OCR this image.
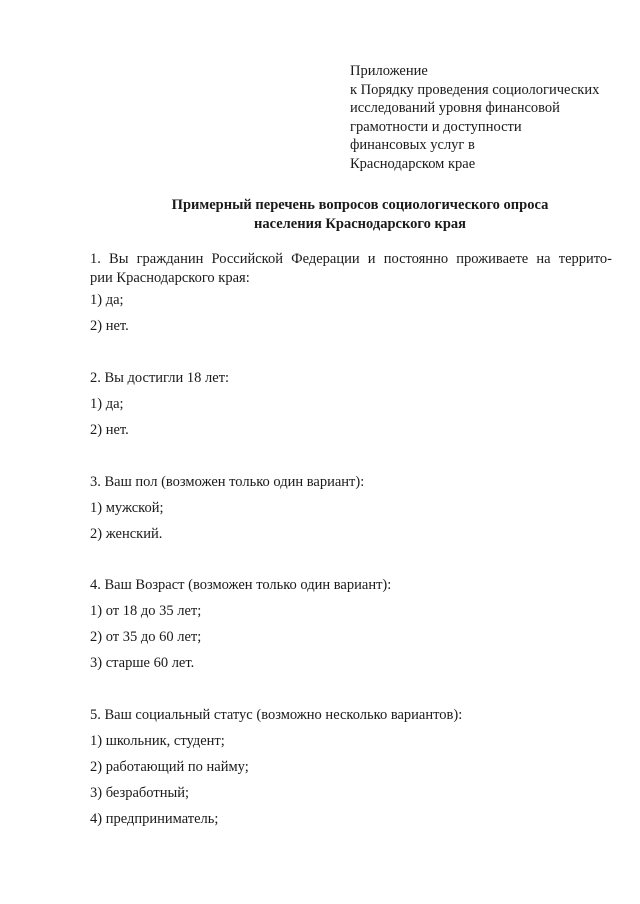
Приложение
к Порядку проведения социологических
исследований уровня финансовой
грамотности и доступности
финансовых услуг в
Краснодарском крае
Примерный перечень вопросов социологического опроса
населения Краснодарского края
1. Вы гражданин Российской Федерации и постоянно проживаете на террито-
рии Краснодарского края:
1) да;
2) нет.
2. Вы достигли 18 лет:
1) да;
2) нет.
3. Ваш пол (возможен только один вариант):
1) мужской;
2) женский.
4. Ваш Возраст (возможен только один вариант):
1) от 18 до 35 лет;
2) от 35 до 60 лет;
3) старше 60 лет.
5. Ваш социальный статус (возможно несколько вариантов):
1) школьник, студент;
2) работающий по найму;
3) безработный;
4) предприниматель;
